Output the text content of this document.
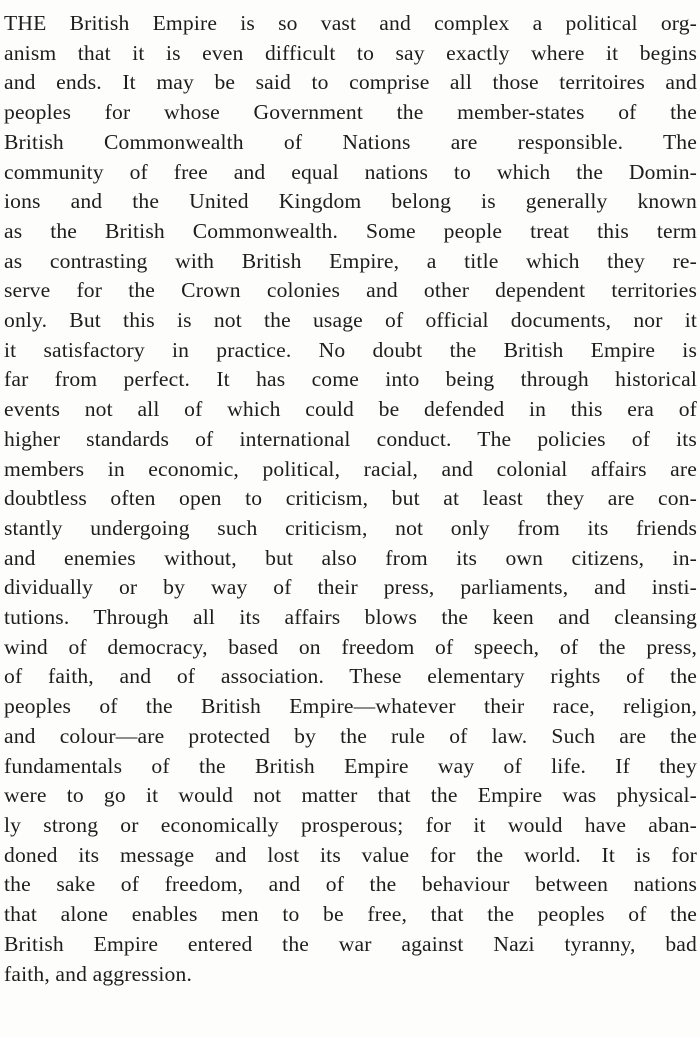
THE British Empire is so vast and complex a political org-
anism that it is even difficult to say exactly where it begins
and ends. It may be said to comprise all those territoires and
peoples for whose Government the member-states of the
British Commonwealth of Nations are responsible. The
community of free and equal nations to which the Domin-
ions and the United Kingdom belong is generally known
as the British Commonwealth. Some people treat this term
as contrasting with British Empire, a title which they re-
serve for the Crown colonies and other dependent territories
only. But this is not the usage of official documents, nor it
it satisfactory in practice. No doubt the British Empire is
far from perfect. It has come into being through historical
events not all of which could be defended in this era of
higher standards of international conduct. The policies of its
members in economic, political, racial, and colonial affairs are
doubtless often open to criticism, but at least they are con-
stantly undergoing such criticism, not only from its friends
and enemies without, but also from its own citizens, in-
dividually or by way of their press, parliaments, and insti-
tutions. Through all its affairs blows the keen and cleansing
wind of democracy, based on freedom of speech, of the press,
of faith, and of association. These elementary rights of the
peoples of the British Empire—whatever their race, religion,
and colour—are protected by the rule of law. Such are the
fundamentals of the British Empire way of life. If they
were to go it would not matter that the Empire was physical-
ly strong or economically prosperous; for it would have aban-
doned its message and lost its value for the world. It is for
the sake of freedom, and of the behaviour between nations
that alone enables men to be free, that the peoples of the
British Empire entered the war against Nazi tyranny, bad
faith, and aggression.
